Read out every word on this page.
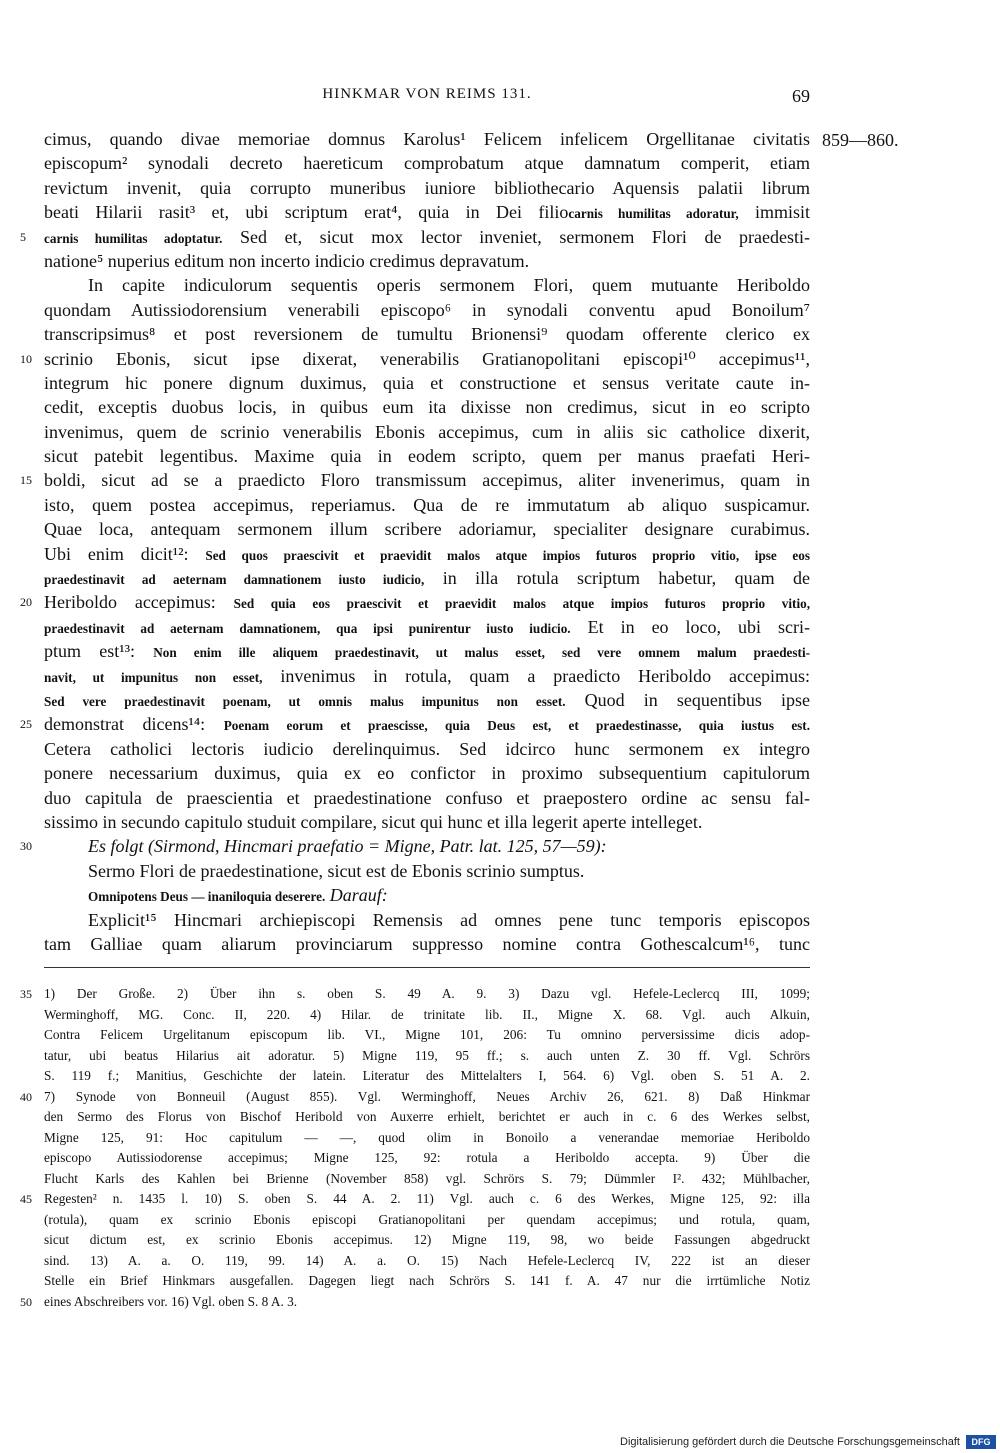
HINKMAR VON REIMS 131.	69
859—860.
cimus, quando divae memoriae domnus Karolus¹ Felicem infelicem Orgellitanae civitatis
episcopum² synodali decreto haereticum comprobatum atque damnatum comperit, etiam
revictum invenit, quia corrupto muneribus iuniore bibliothecario Aquensis palatii librum
beati Hilarii rasit³ et, ubi scriptum erat⁴, quia in Dei filiocarnis humilitas adoratur, immisit
5 carnis humilitas adoptatur. Sed et, sicut mox lector inveniet, sermonem Flori de praedesti-
natione⁵ nuperius editum non incerto indicio credimus depravatum.
In capite indiculorum sequentis operis sermonem Flori, quem mutuante Heriboldo
quondam Autissiodorensium venerabili episcopo⁶ in synodali conventu apud Bonoilum⁷
transcripsimus⁸ et post reversionem de tumultu Brionensi⁹ quodam offerente clerico ex
10 scrinio Ebonis, sicut ipse dixerat, venerabilis Gratianopolitani episcopi¹⁰ accepimus¹¹,
integrum hic ponere dignum duximus, quia et constructione et sensus veritate caute in-
cedit, exceptis duobus locis, in quibus eum ita dixisse non credimus, sicut in eo scripto
invenimus, quem de scrinio venerabilis Ebonis accepimus, cum in aliis sic catholice dixerit,
sicut patebit legentibus. Maxime quia in eodem scripto, quem per manus praefati Heri-
15 boldi, sicut ad se a praedicto Floro transmissum accepimus, aliter invenerimus, quam in
isto, quem postea accepimus, reperiamus. Qua de re immutatum ab aliquo suspicamur.
Quae loca, antequam sermonem illum scribere adoriamur, specialiter designare curabimus.
Ubi enim dicit¹²: Sed quos praescivit et praevidit malos atque impios futuros proprio vitio, ipse eos
praedestinavit ad aeternam damnationem iusto iudicio, in illa rotula scriptum habetur, quam de
20 Heriboldo accepimus: Sed quia eos praescivit et praevidit malos atque impios futuros proprio vitio,
praedestinavit ad aeternam damnationem, qua ipsi punirentur iusto iudicio. Et in eo loco, ubi scri-
ptum est¹³: Non enim ille aliquem praedestinavit, ut malus esset, sed vere omnem malum praedesti-
navit, ut impunitus non esset, invenimus in rotula, quam a praedicto Heriboldo accepimus:
Sed vere praedestinavit poenam, ut omnis malus impunitus non esset. Quod in sequentibus ipse
25 demonstrat dicens¹⁴: Poenam eorum et praescisse, quia Deus est, et praedestinasse, quia iustus est.
Cetera catholici lectoris iudicio derelinquimus. Sed idcirco hunc sermonem ex integro
ponere necessarium duximus, quia ex eo confictor in proximo subsequentium capitulorum
duo capitula de praescientia et praedestinatione confuso et praepostero ordine ac sensu fal-
sissimo in secundo capitulo studuit compilare, sicut qui hunc et illa legerit aperte intelleget.
30	Es folgt (Sirmond, Hincmari praefatio = Migne, Patr. lat. 125, 57—59):
Sermo Flori de praedestinatione, sicut est de Ebonis scrinio sumptus.
Omnipotens Deus — inaniloquia deserere. Darauf:
Explicit¹⁵ Hincmari archiepiscopi Remensis ad omnes pene tunc temporis episcopos
tam Galliae quam aliarum provinciarum suppresso nomine contra Gothescalcum¹⁶, tunc
35 1) Der Große. 2) Über ihn s. oben S. 49 A. 9. 3) Dazu vgl. Hefele-Leclercq III, 1099;
Werminghoff, MG. Conc. II, 220. 4) Hilar. de trinitate lib. II., Migne X. 68. Vgl. auch Alkuin,
Contra Felicem Urgelitanum episcopum lib. VI., Migne 101, 206: Tu omnino perversissime dicis adop-
tatur, ubi beatus Hilarius ait adoratur. 5) Migne 119, 95 ff.; s. auch unten Z. 30 ff. Vgl. Schrörs
S. 119 f.; Manitius, Geschichte der latein. Literatur des Mittelalters I, 564. 6) Vgl. oben S. 51 A. 2.
40 7) Synode von Bonneuil (August 855). Vgl. Werminghoff, Neues Archiv 26, 621. 8) Daß Hinkmar
den Sermo des Florus von Bischof Heribold von Auxerre erhielt, berichtet er auch in c. 6 des Werkes selbst,
Migne 125, 91: Hoc capitulum — —, quod olim in Bonoilo a venerandae memoriae Heriboldo
episcopo Autissiodorense accepimus; Migne 125, 92: rotula a Heriboldo accepta. 9) Über die
Flucht Karls des Kahlen bei Brienne (November 858) vgl. Schrörs S. 79; Dümmler I². 432; Mühlbacher,
45 Regesten² n. 1435 l. 10) S. oben S. 44 A. 2. 11) Vgl. auch c. 6 des Werkes, Migne 125, 92: illa
(rotula), quam ex scrinio Ebonis episcopi Gratianopolitani per quendam accepimus; und rotula, quam,
sicut dictum est, ex scrinio Ebonis accepimus. 12) Migne 119, 98, wo beide Fassungen abgedruckt
sind. 13) A. a. O. 119, 99. 14) A. a. O. 15) Nach Hefele-Leclercq IV, 222 ist an dieser
Stelle ein Brief Hinkmars ausgefallen. Dagegen liegt nach Schrörs S. 141 f. A. 47 nur die irrtümliche Notiz
50 eines Abschreibers vor. 16) Vgl. oben S. 8 A. 3.
Digitalisierung gefördert durch die Deutsche Forschungsgemeinschaft	DFG
